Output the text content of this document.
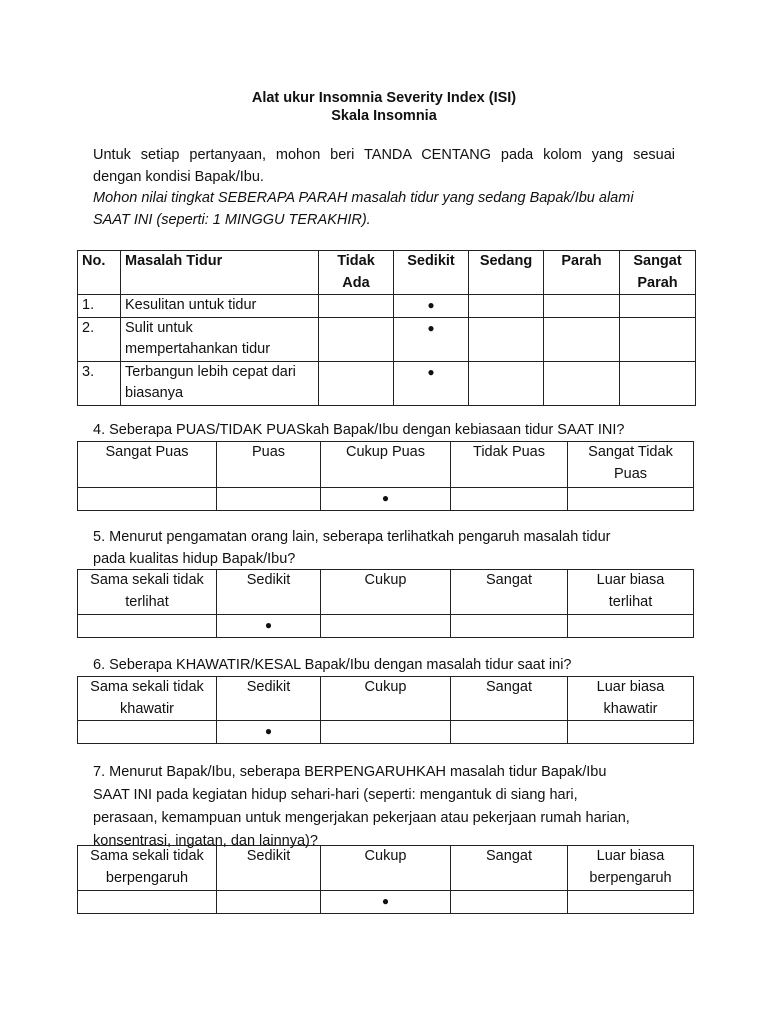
Alat ukur Insomnia Severity Index (ISI)
Skala Insomnia
Untuk setiap pertanyaan, mohon beri TANDA CENTANG pada kolom yang sesuai
dengan kondisi Bapak/Ibu.
Mohon nilai tingkat SEBERAPA PARAH masalah tidur yang sedang Bapak/Ibu alami
SAAT INI (seperti: 1 MINGGU TERAKHIR).
No.	Masalah Tidur	Tidak
Ada	Sedikit	Sedang	Parah	Sangat
Parah

1.	Kesulitan untuk tidur		●			
2.	Sulit untuk
mempertahankan tidur		●			
3.	Terbangun lebih cepat dari
biasanya		●			
4. Seberapa PUAS/TIDAK PUASkah Bapak/Ibu dengan kebiasaan tidur SAAT INI?
Sangat Puas	Puas	Cukup Puas	Tidak Puas	Sangat Tidak
Puas

		●		
5. Menurut pengamatan orang lain, seberapa terlihatkah pengaruh masalah tidur
pada kualitas hidup Bapak/Ibu?
Sama sekali tidak
terlihat	Sedikit	Cukup	Sangat	Luar biasa
terlihat

	●			
6. Seberapa KHAWATIR/KESAL Bapak/Ibu dengan masalah tidur saat ini?
Sama sekali tidak
khawatir	Sedikit	Cukup	Sangat	Luar biasa
khawatir

	●			
7. Menurut Bapak/Ibu, seberapa BERPENGARUHKAH masalah tidur Bapak/Ibu
SAAT INI pada kegiatan hidup sehari-hari (seperti: mengantuk di siang hari,
perasaan, kemampuan untuk mengerjakan pekerjaan atau pekerjaan rumah harian,
konsentrasi, ingatan, dan lainnya)?
Sama sekali tidak
berpengaruh	Sedikit	Cukup	Sangat	Luar biasa
berpengaruh

		●		
